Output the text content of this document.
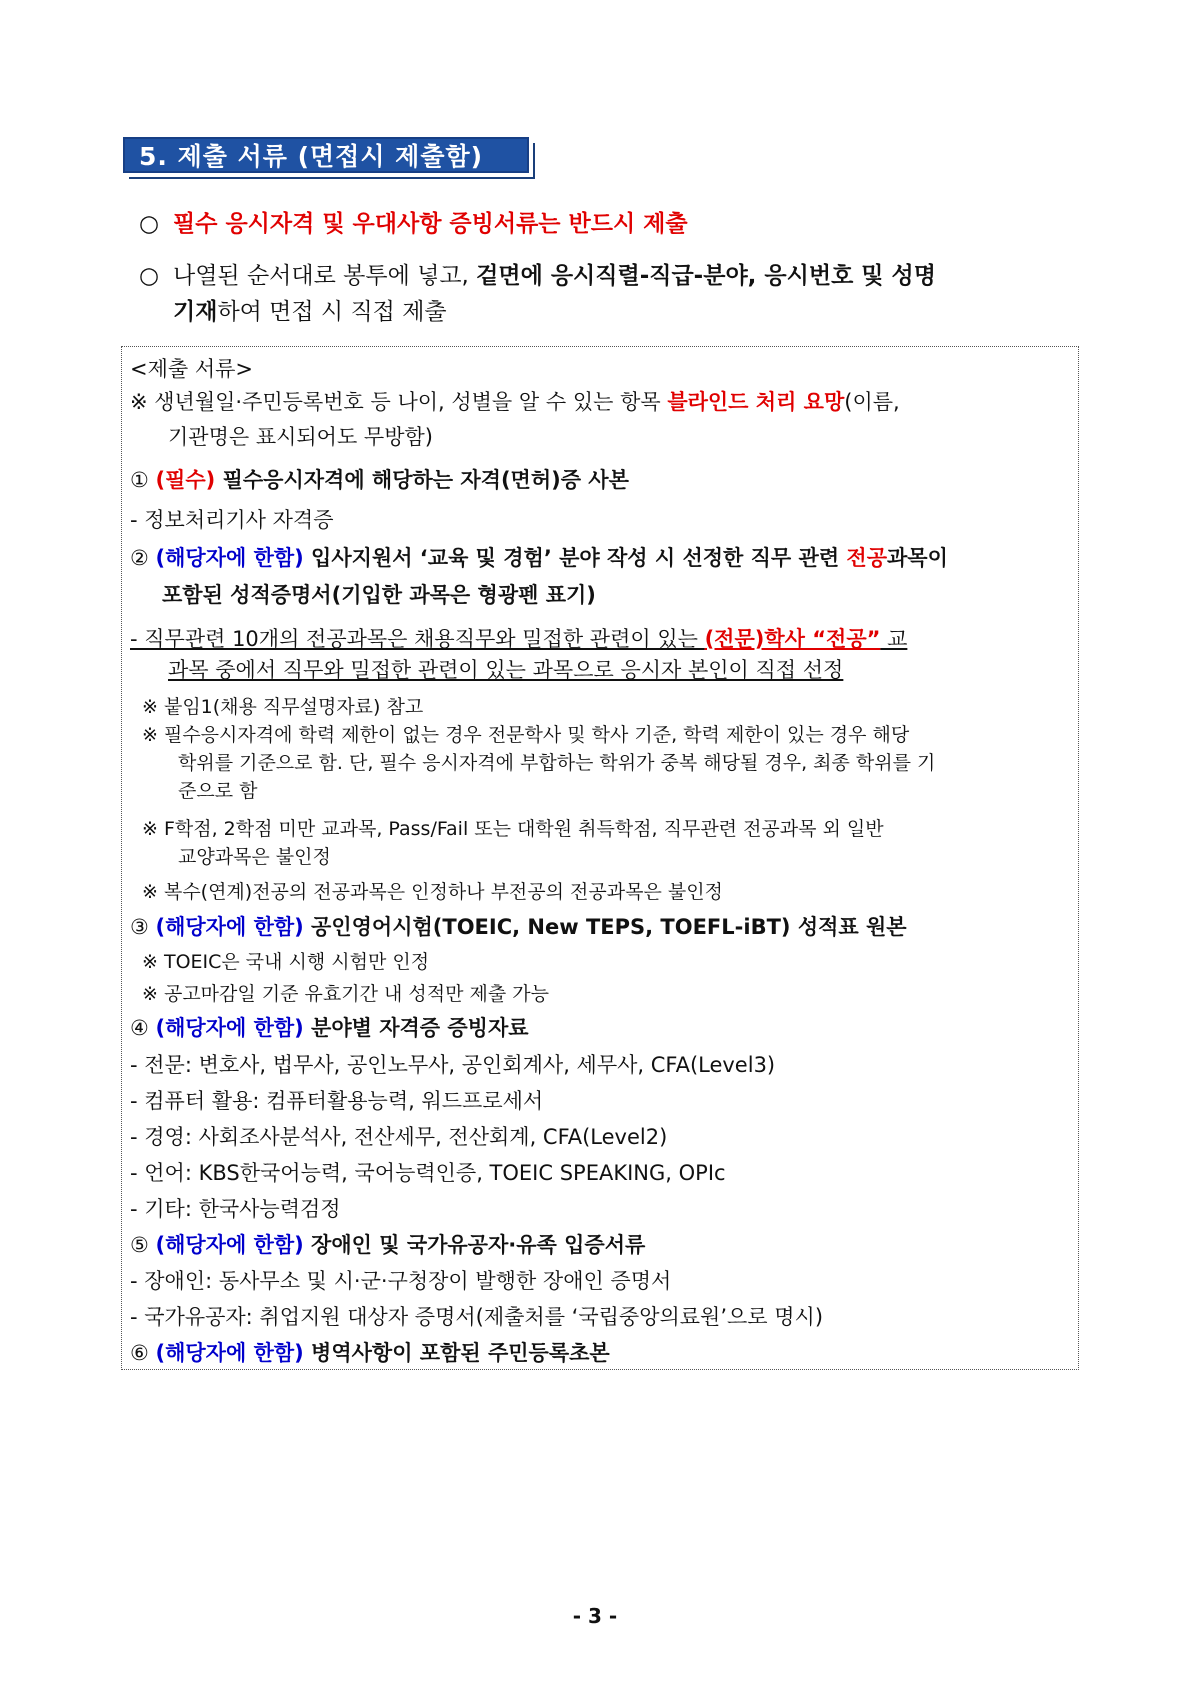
5. 제출 서류 (면접시 제출함)
○ 필수 응시자격 및 우대사항 증빙서류는 반드시 제출
○ 나열된 순서대로 봉투에 넣고, 겉면에 응시직렬-직급-분야, 응시번호 및 성명
기재하여 면접 시 직접 제출
<제출 서류>
※ 생년월일·주민등록번호 등 나이, 성별을 알 수 있는 항목 블라인드 처리 요망(이름,
기관명은 표시되어도 무방함)
① (필수) 필수응시자격에 해당하는 자격(면허)증 사본
- 정보처리기사 자격증
② (해당자에 한함) 입사지원서 ‘교육 및 경험’ 분야 작성 시 선정한 직무 관련 전공과목이
포함된 성적증명서(기입한 과목은 형광펜 표기)
- 직무관련 10개의 전공과목은 채용직무와 밀접한 관련이 있는 (전문)학사 “전공” 교
과목 중에서 직무와 밀접한 관련이 있는 과목으로 응시자 본인이 직접 선정
※ 붙임1(채용 직무설명자료) 참고
※ 필수응시자격에 학력 제한이 없는 경우 전문학사 및 학사 기준, 학력 제한이 있는 경우 해당
학위를 기준으로 함. 단, 필수 응시자격에 부합하는 학위가 중복 해당될 경우, 최종 학위를 기
준으로 함
※ F학점, 2학점 미만 교과목, Pass/Fail 또는 대학원 취득학점, 직무관련 전공과목 외 일반
교양과목은 불인정
※ 복수(연계)전공의 전공과목은 인정하나 부전공의 전공과목은 불인정
③ (해당자에 한함) 공인영어시험(TOEIC, New TEPS, TOEFL-iBT) 성적표 원본
※ TOEIC은 국내 시행 시험만 인정
※ 공고마감일 기준 유효기간 내 성적만 제출 가능
④ (해당자에 한함) 분야별 자격증 증빙자료
- 전문: 변호사, 법무사, 공인노무사, 공인회계사, 세무사, CFA(Level3)
- 컴퓨터 활용: 컴퓨터활용능력, 워드프로세서
- 경영: 사회조사분석사, 전산세무, 전산회계, CFA(Level2)
- 언어: KBS한국어능력, 국어능력인증, TOEIC SPEAKING, OPIc
- 기타: 한국사능력검정
⑤ (해당자에 한함) 장애인 및 국가유공자·유족 입증서류
- 장애인: 동사무소 및 시·군·구청장이 발행한 장애인 증명서
- 국가유공자: 취업지원 대상자 증명서(제출처를 ‘국립중앙의료원’으로 명시)
⑥ (해당자에 한함) 병역사항이 포함된 주민등록초본
- 3 -
